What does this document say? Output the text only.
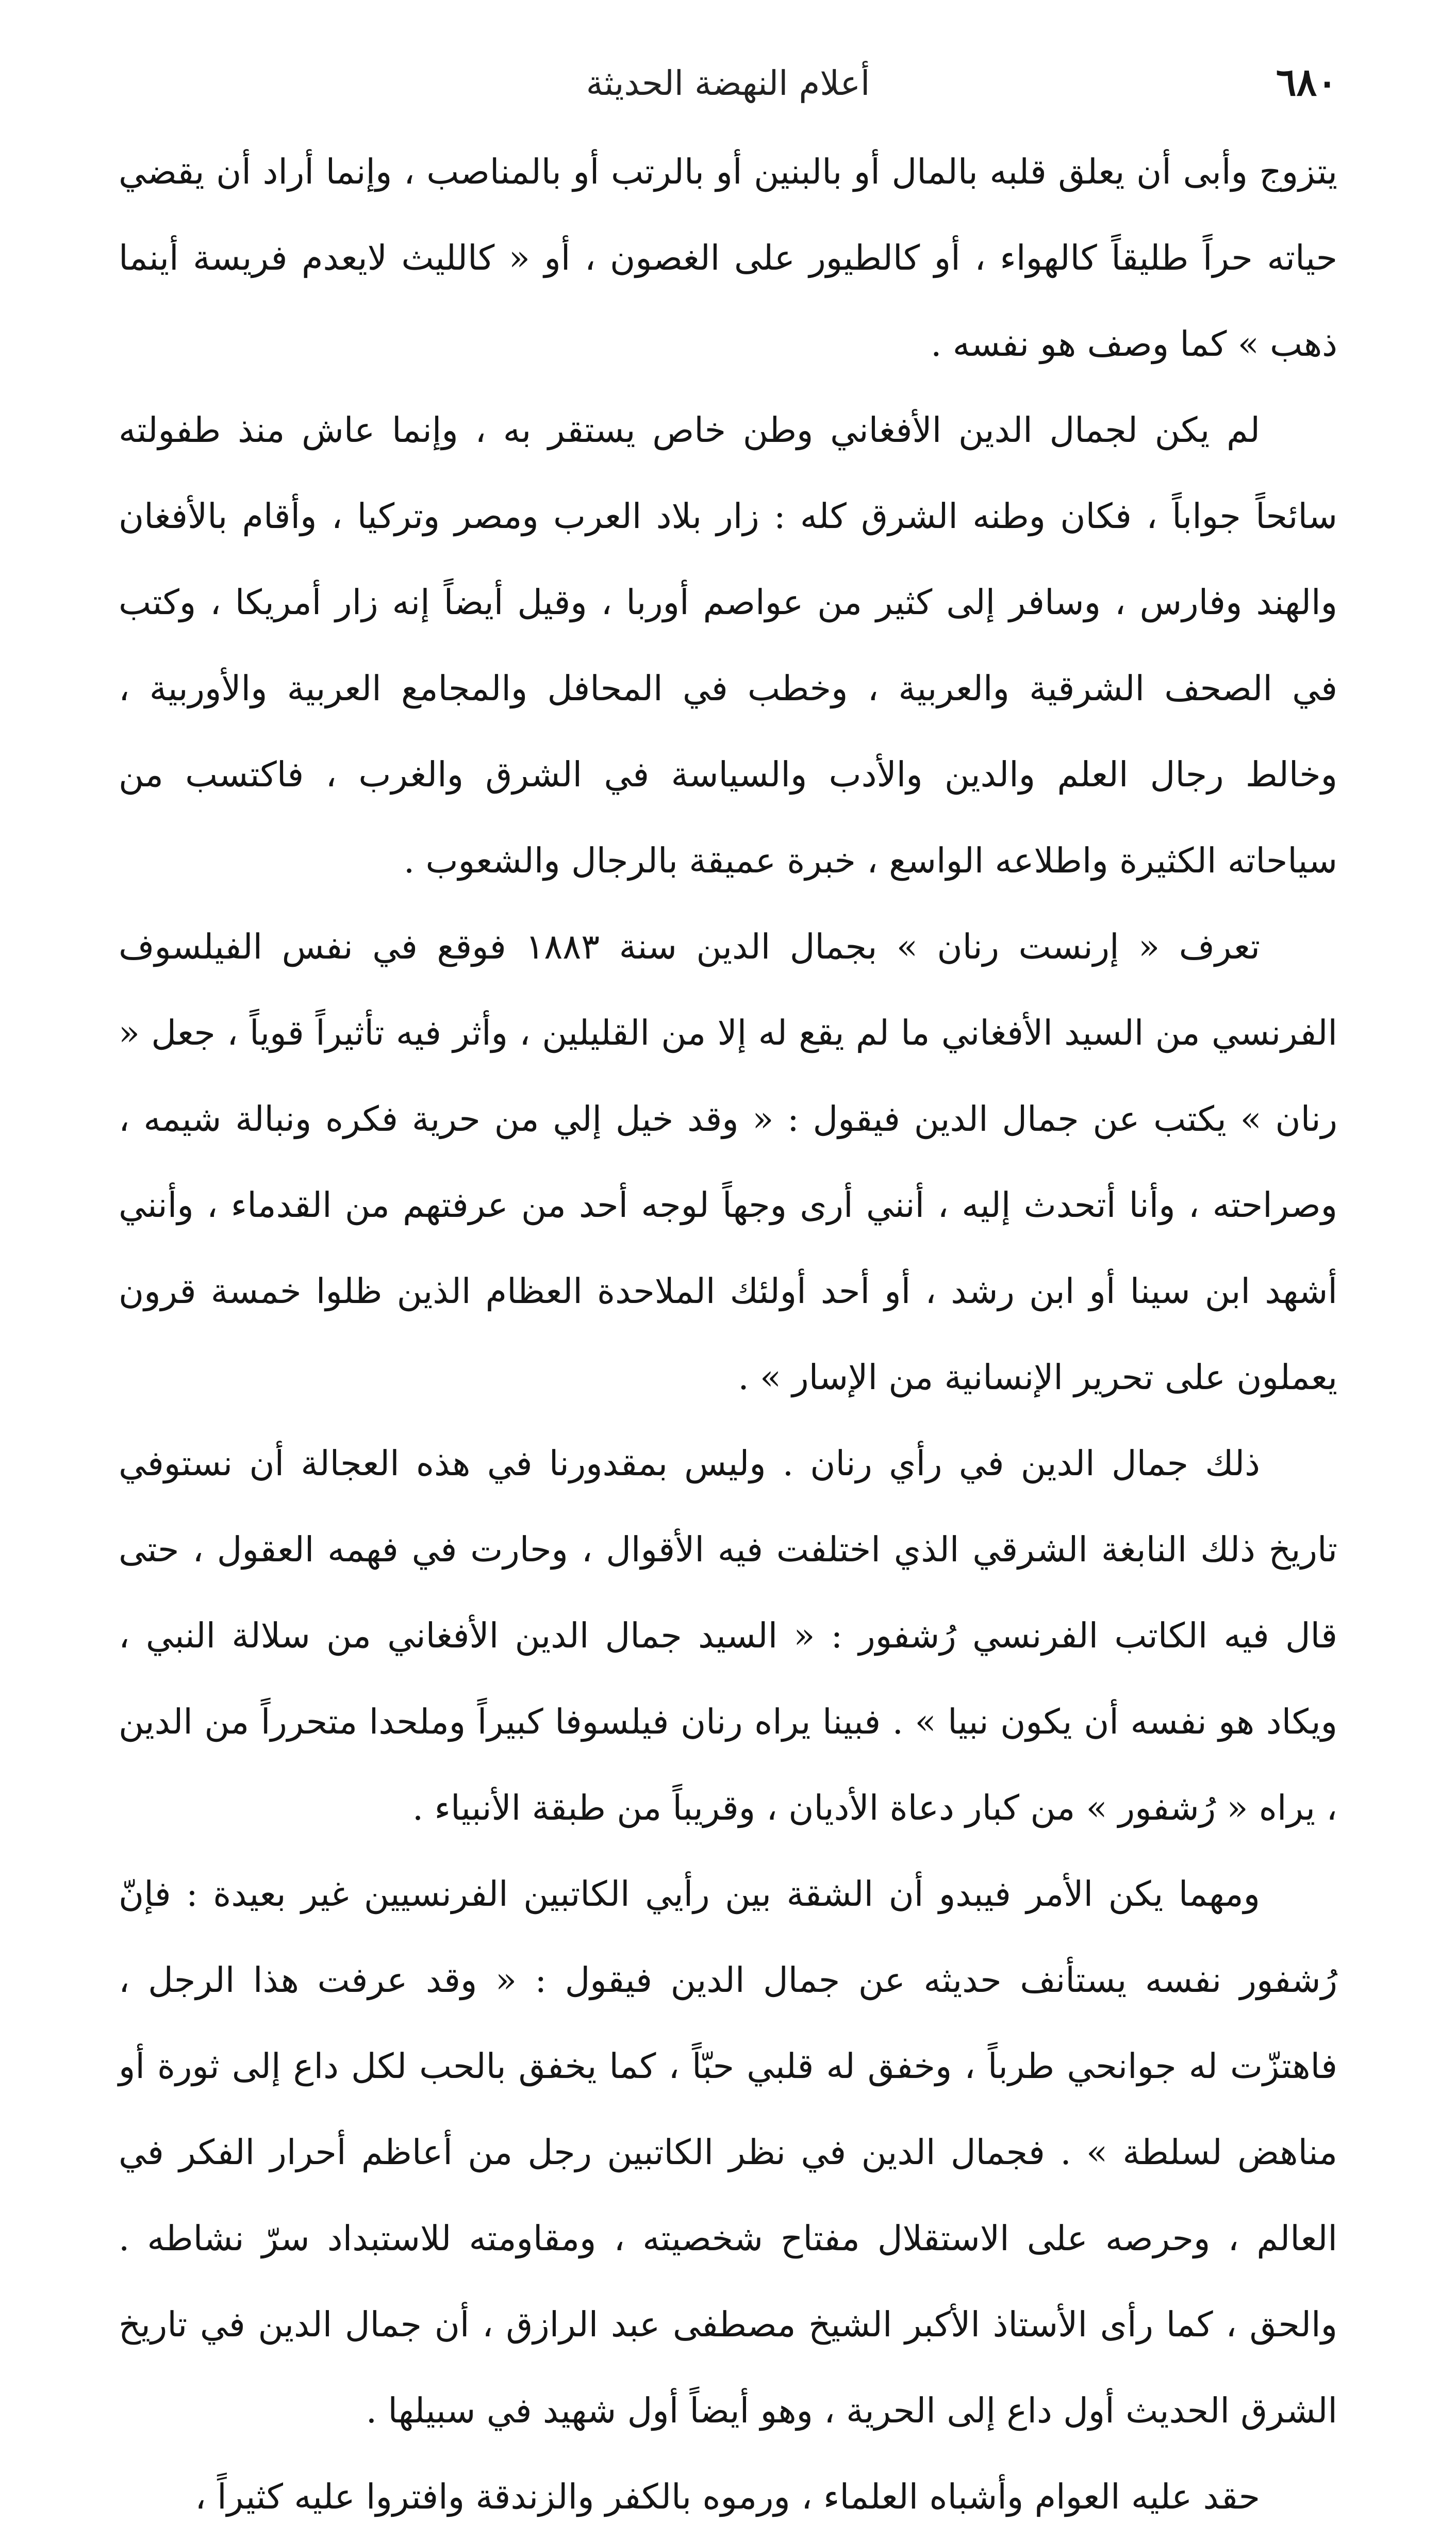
٦٨٠
أعلام النهضة الحديثة

يتزوج وأبى أن يعلق قلبه بالمال أو بالبنين أو بالرتب أو بالمناصب ، وإنما أراد أن يقضي حياته حراً طليقاً كالهواء ، أو كالطيور على الغصون ، أو « كالليث لايعدم فريسة أينما ذهب » كما وصف هو نفسه .

لم يكن لجمال الدين الأفغاني وطن خاص يستقر به ، وإنما عاش منذ طفولته سائحاً جواباً ، فكان وطنه الشرق كله : زار بلاد العرب ومصر وتركيا ، وأقام بالأفغان والهند وفارس ، وسافر إلى كثير من عواصم أوربا ، وقيل أيضاً إنه زار أمريكا ، وكتب في الصحف الشرقية والعربية ، وخطب في المحافل والمجامع العربية والأوربية ، وخالط رجال العلم والدين والأدب والسياسة في الشرق والغرب ، فاكتسب من سياحاته الكثيرة واطلاعه الواسع ، خبرة عميقة بالرجال والشعوب .

تعرف « إرنست رنان » بجمال الدين سنة ١٨٨٣ فوقع في نفس الفيلسوف الفرنسي من السيد الأفغاني ما لم يقع له إلا من القليلين ، وأثر فيه تأثيراً قوياً ، جعل « رنان » يكتب عن جمال الدين فيقول : « وقد خيل إلي من حرية فكره ونبالة شيمه ، وصراحته ، وأنا أتحدث إليه ، أنني أرى وجهاً لوجه أحد من عرفتهم من القدماء ، وأنني أشهد ابن سينا أو ابن رشد ، أو أحد أولئك الملاحدة العظام الذين ظلوا خمسة قرون يعملون على تحرير الإنسانية من الإسار » .

ذلك جمال الدين في رأي رنان . وليس بمقدورنا في هذه العجالة أن نستوفي تاريخ ذلك النابغة الشرقي الذي اختلفت فيه الأقوال ، وحارت في فهمه العقول ، حتى قال فيه الكاتب الفرنسي رُشفور : « السيد جمال الدين الأفغاني من سلالة النبي ، ويكاد هو نفسه أن يكون نبيا » . فبينا يراه رنان فيلسوفا كبيراً وملحدا متحرراً من الدين ، يراه « رُشفور » من كبار دعاة الأديان ، وقريباً من طبقة الأنبياء .

ومهما يكن الأمر فيبدو أن الشقة بين رأيي الكاتبين الفرنسيين غير بعيدة : فإنّ رُشفور نفسه يستأنف حديثه عن جمال الدين فيقول : « وقد عرفت هذا الرجل ، فاهتزّت له جوانحي طرباً ، وخفق له قلبي حبّاً ، كما يخفق بالحب لكل داع إلى ثورة أو مناهض لسلطة » . فجمال الدين في نظر الكاتبين رجل من أعاظم أحرار الفكر في العالم ، وحرصه على الاستقلال مفتاح شخصيته ، ومقاومته للاستبداد سرّ نشاطه . والحق ، كما رأى الأستاذ الأكبر الشيخ مصطفى عبد الرازق ، أن جمال الدين في تاريخ الشرق الحديث أول داع إلى الحرية ، وهو أيضاً أول شهيد في سبيلها .

حقد عليه العوام وأشباه العلماء ، ورموه بالكفر والزندقة وافتروا عليه كثيراً ،
